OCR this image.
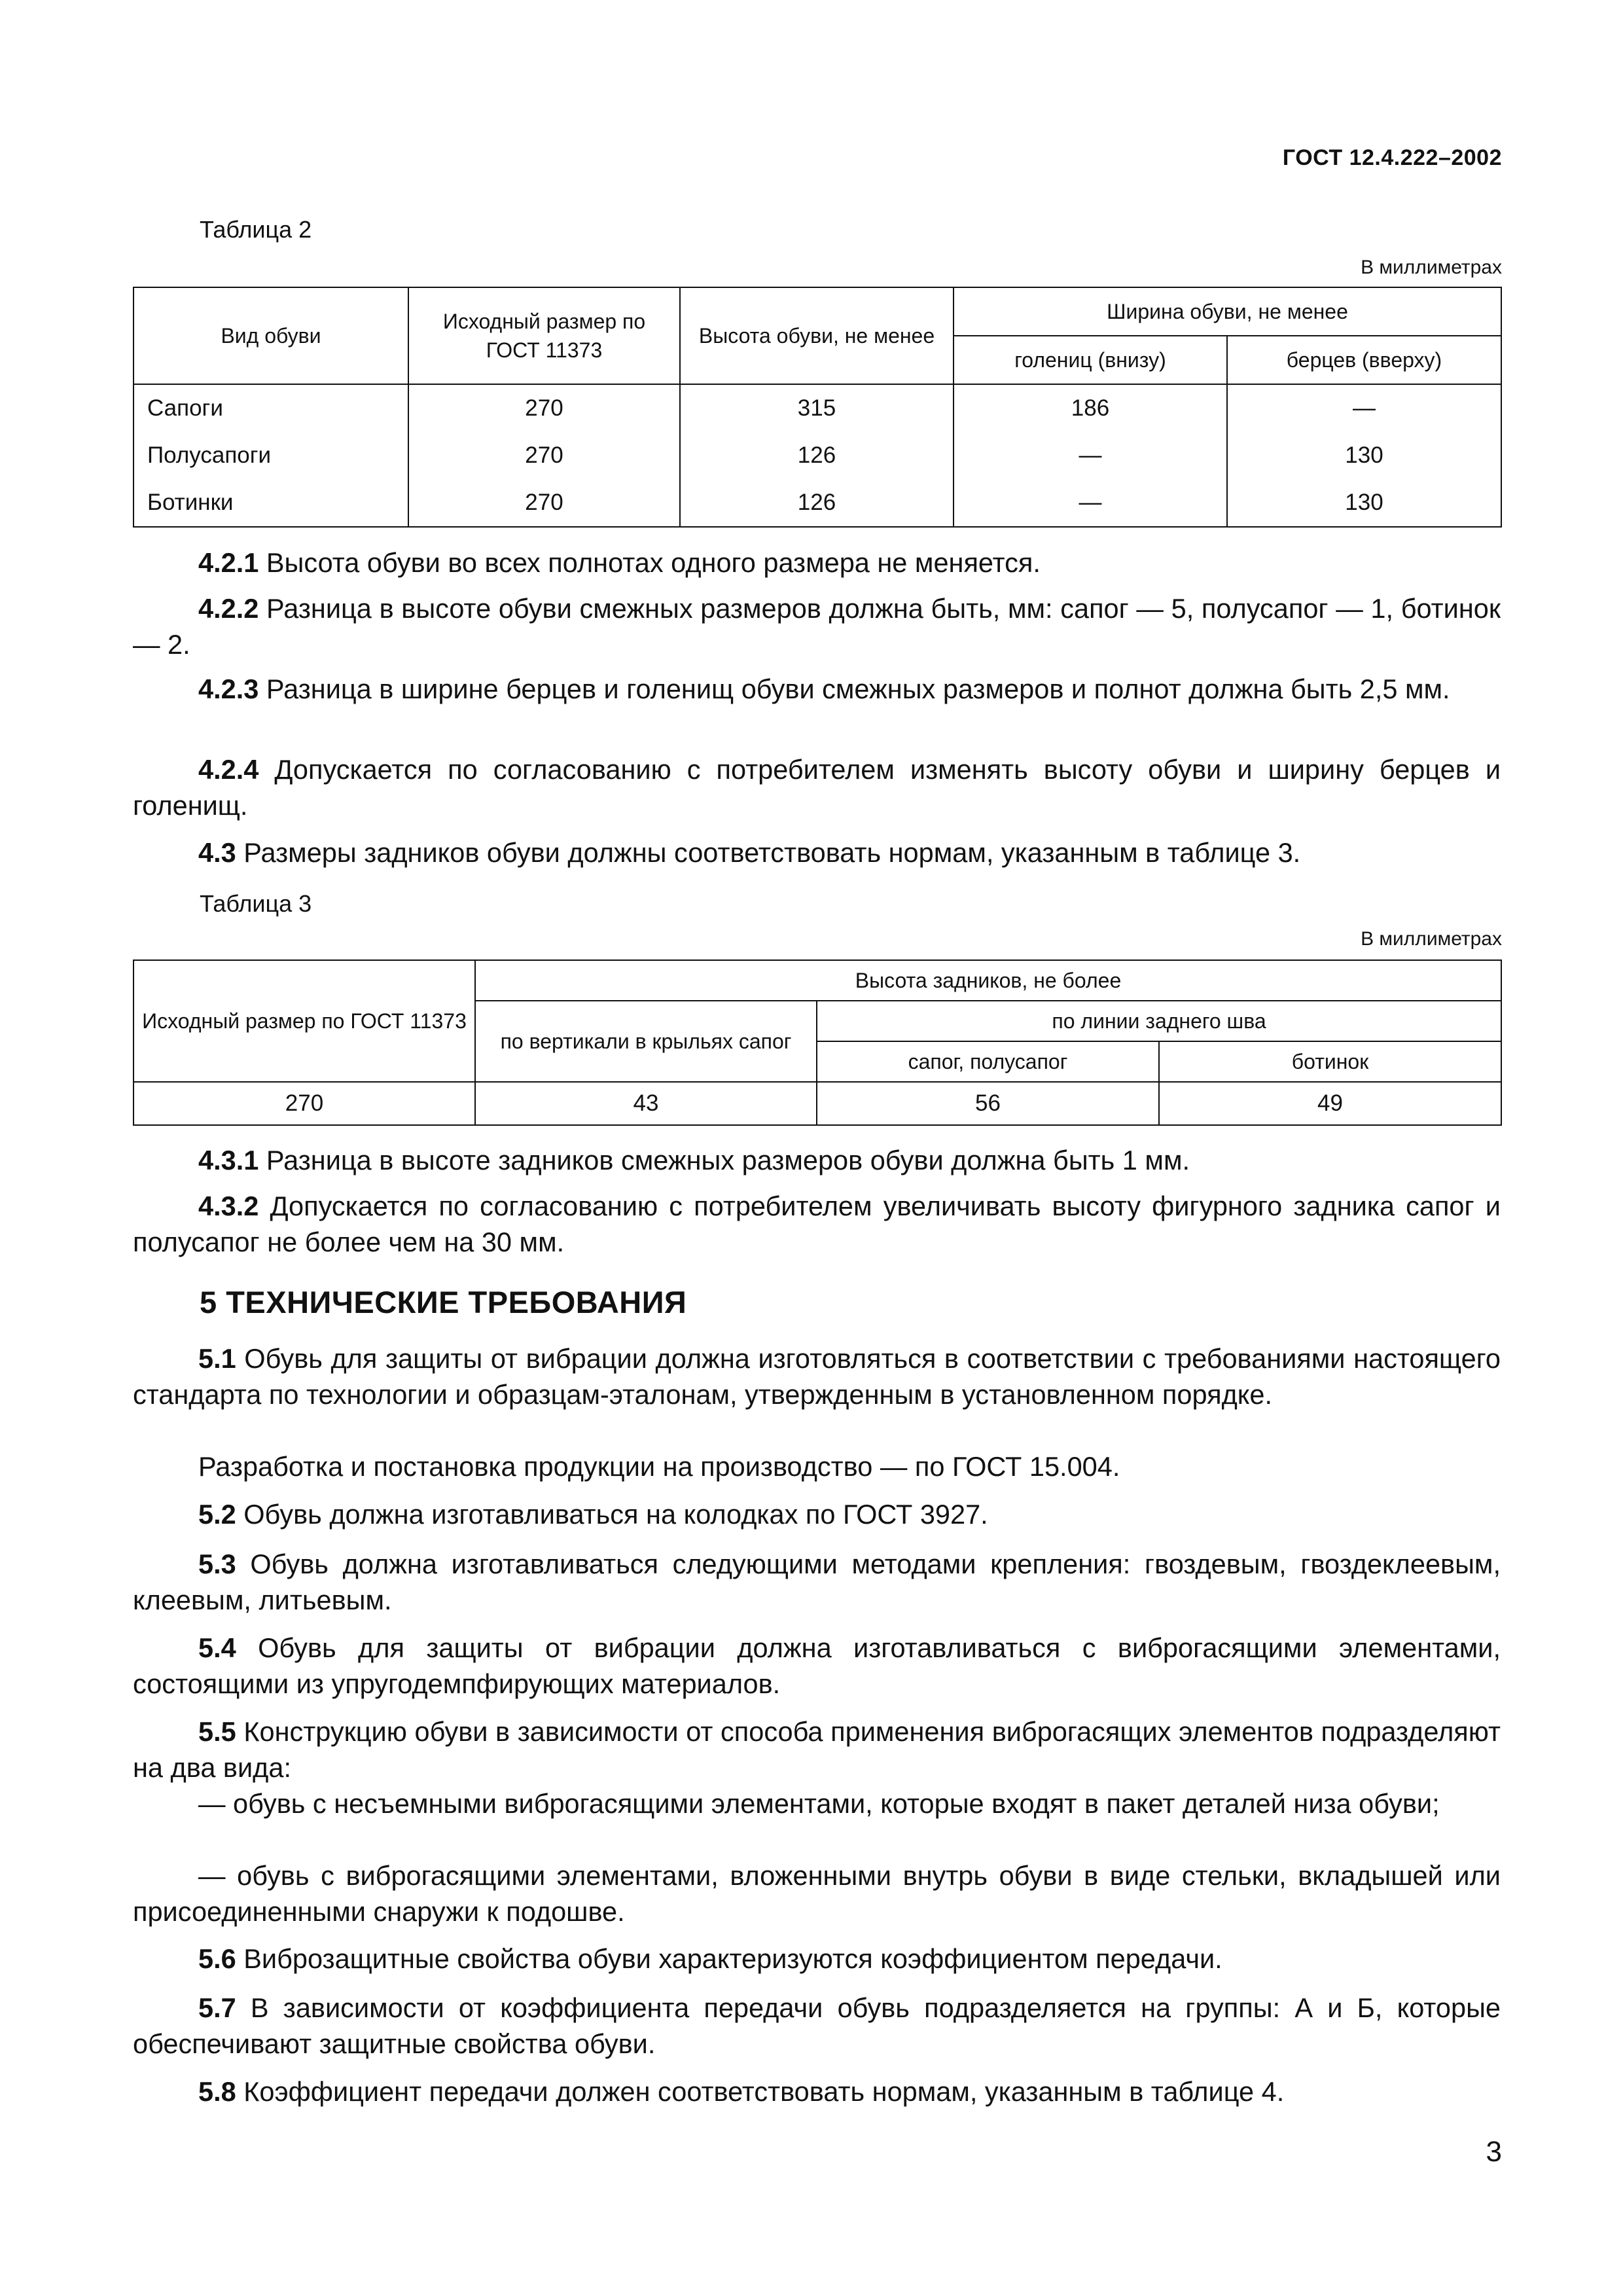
ГОСТ 12.4.222–2002
Таблица 2
В миллиметрах
Вид обуви	Исходный размер по ГОСТ 11373	Высота обуви, не менее	Ширина обуви, не менее	
			голениц (внизу)	берцев (вверху)
Сапоги	270	315	186	—
Полусапоги	270	126	—	130
Ботинки	270	126	—	130

4.2.1 Высота обуви во всех полнотах одного размера не меняется.

4.2.2 Разница в высоте обуви смежных размеров должна быть, мм: сапог — 5, полусапог — 1, ботинок — 2.

4.2.3 Разница в ширине берцев и голенищ обуви смежных размеров и полнот должна быть 2,5 мм.

4.2.4 Допускается по согласованию с потребителем изменять высоту обуви и ширину берцев и голенищ.

4.3 Размеры задников обуви должны соответствовать нормам, указанным в таблице 3.

Таблица 3
В миллиметрах
Исходный размер по ГОСТ 11373	Высота задников, не более		
	по вертикали в крыльях сапог	по линии заднего шва	
		сапог, полусапог	ботинок
270	43	56	49

4.3.1 Разница в высоте задников смежных размеров обуви должна быть 1 мм.

4.3.2 Допускается по согласованию с потребителем увеличивать высоту фигурного задника сапог и полусапог не более чем на 30 мм.

5 ТЕХНИЧЕСКИЕ ТРЕБОВАНИЯ

5.1 Обувь для защиты от вибрации должна изготовляться в соответствии с требованиями настоящего стандарта по технологии и образцам-эталонам, утвержденным в установленном порядке.

Разработка и постановка продукции на производство — по ГОСТ 15.004.

5.2 Обувь должна изготавливаться на колодках по ГОСТ 3927.

5.3 Обувь должна изготавливаться следующими методами крепления: гвоздевым, гвоздеклеевым, клеевым, литьевым.

5.4 Обувь для защиты от вибрации должна изготавливаться с виброгасящими элементами, состоящими из упругодемпфирующих материалов.

5.5 Конструкцию обуви в зависимости от способа применения виброгасящих элементов подразделяют на два вида:

— обувь с несъемными виброгасящими элементами, которые входят в пакет деталей низа обуви;

— обувь с виброгасящими элементами, вложенными внутрь обуви в виде стельки, вкладышей или присоединенными снаружи к подошве.

5.6 Виброзащитные свойства обуви характеризуются коэффициентом передачи.

5.7 В зависимости от коэффициента передачи обувь подразделяется на группы: А и Б, которые обеспечивают защитные свойства обуви.

5.8 Коэффициент передачи должен соответствовать нормам, указанным в таблице 4.

3
